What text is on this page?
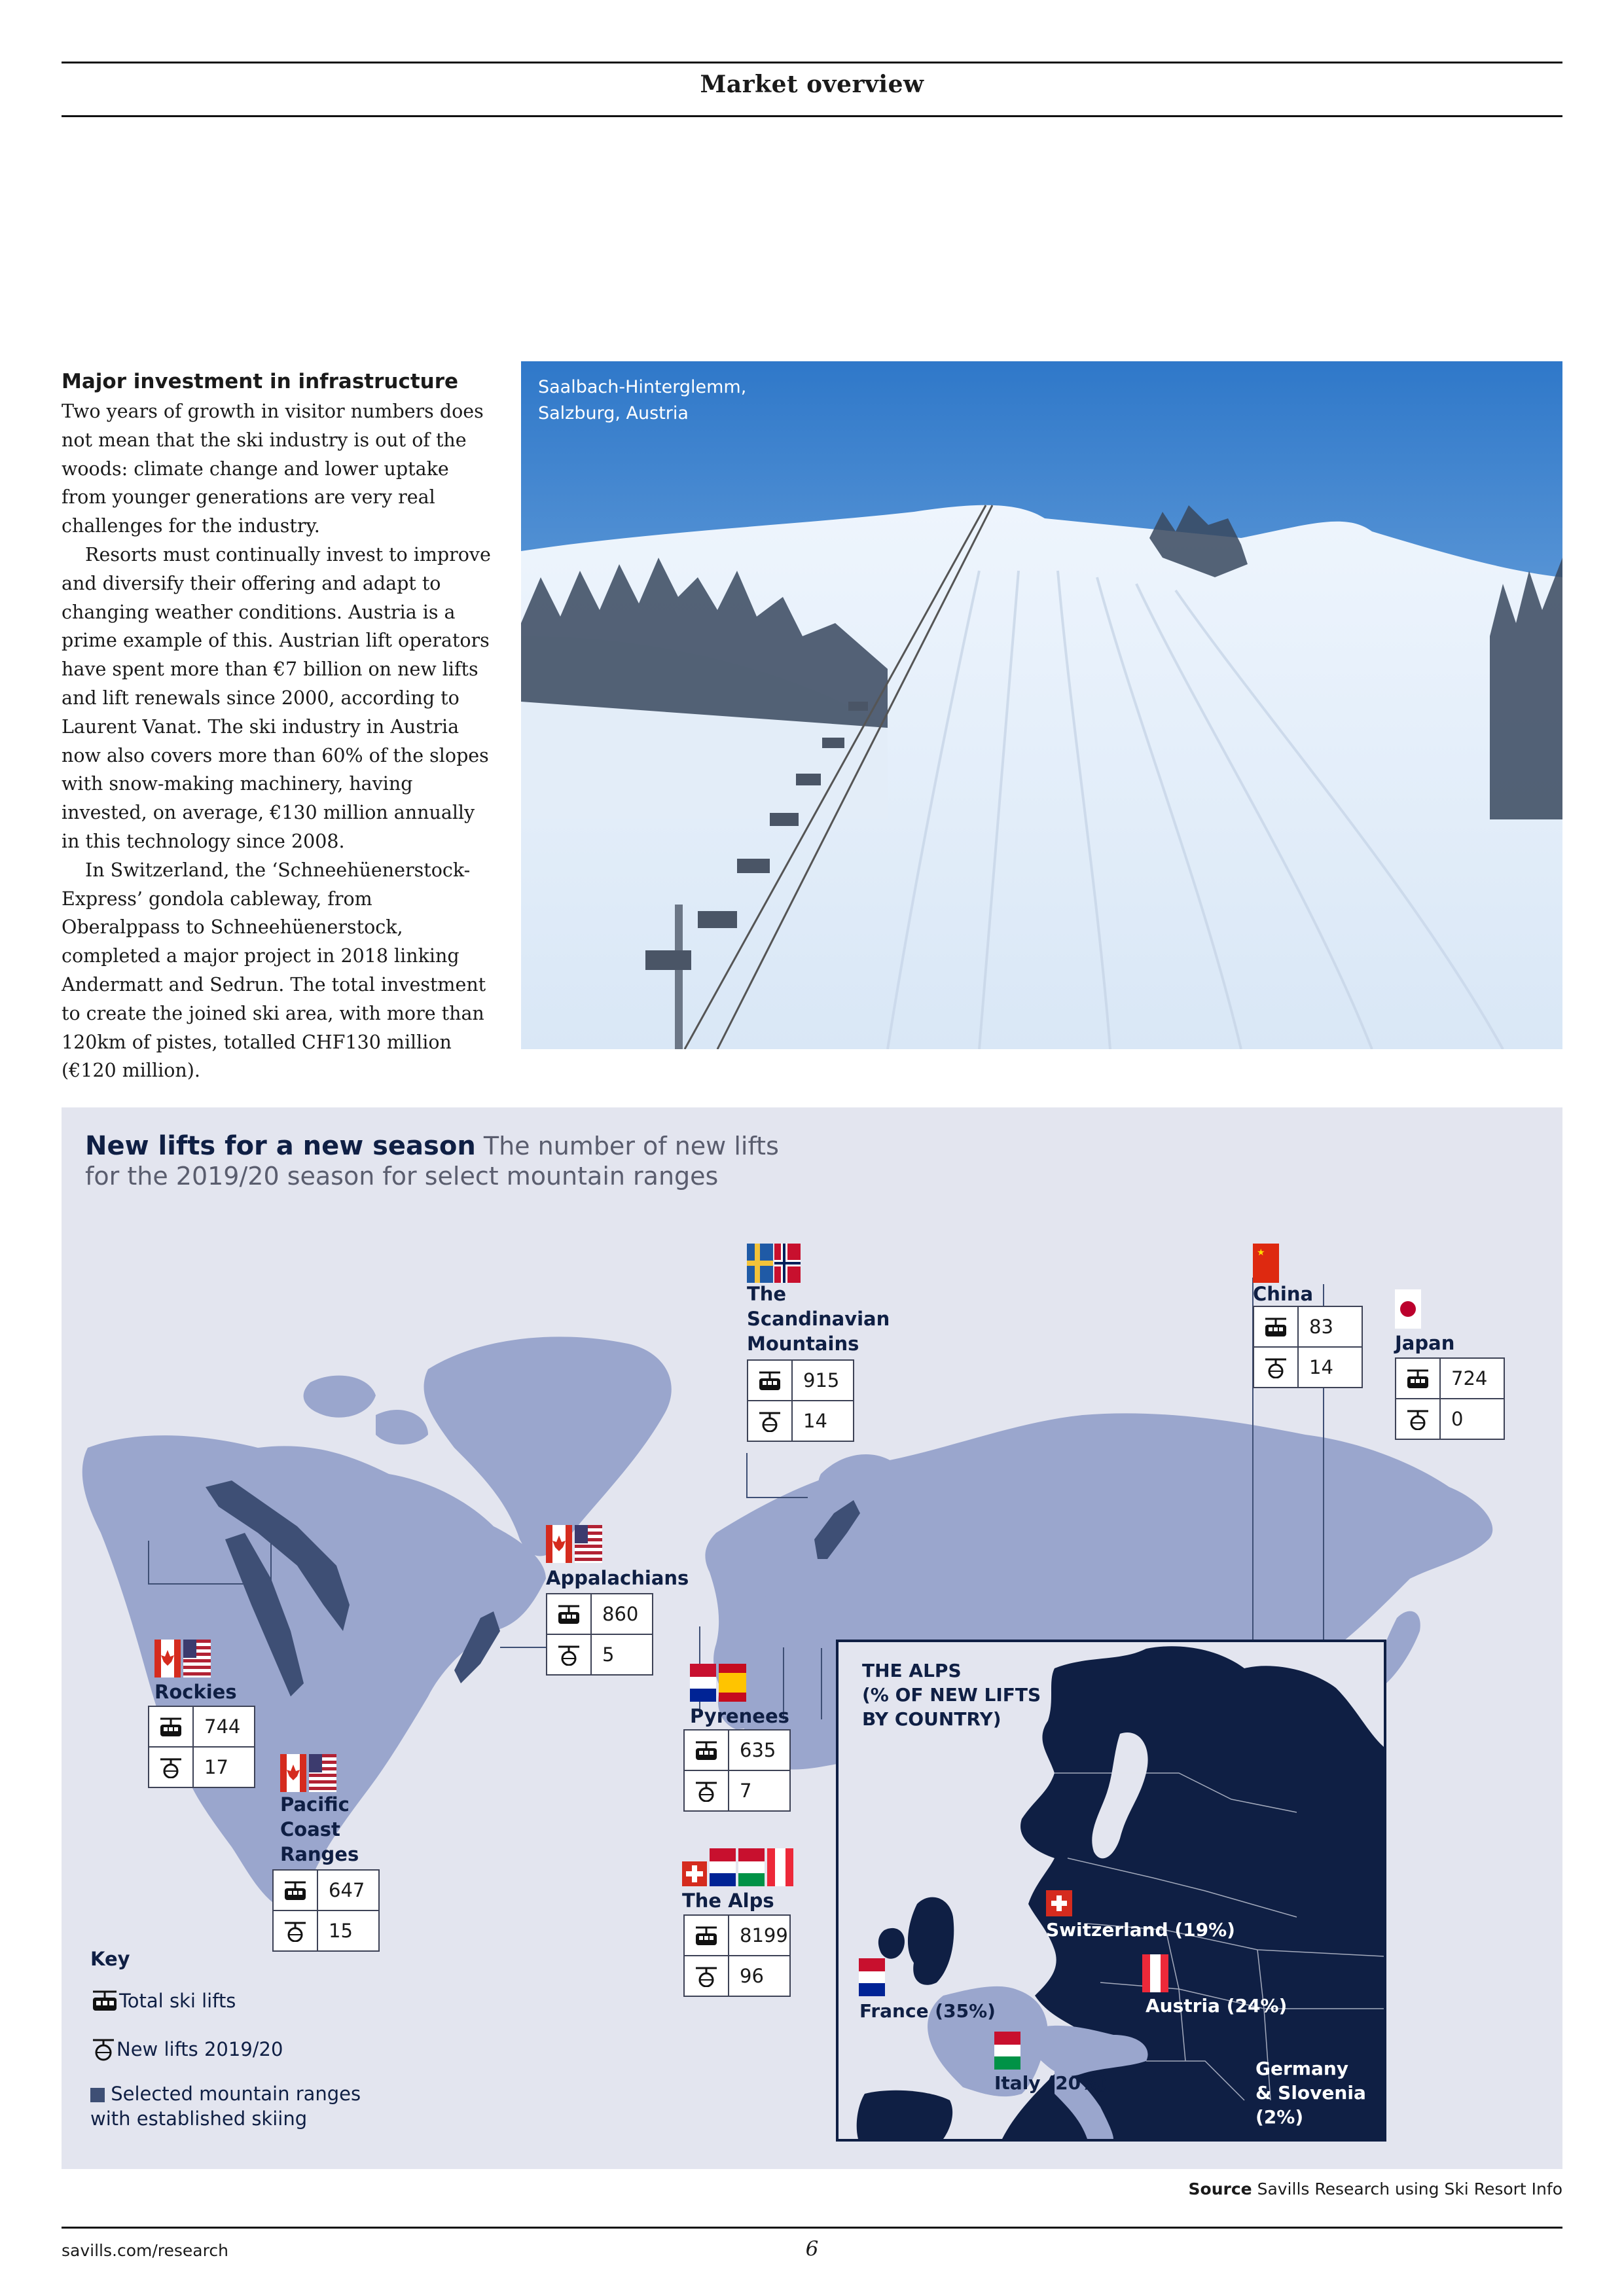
Market overview
Major investment in infrastructure

Two years of growth in visitor numbers does not mean that the ski industry is out of the woods: climate change and lower uptake from younger generations are very real challenges for the industry.

Resorts must continually invest to improve and diversify their offering and adapt to changing weather conditions. Austria is a prime example of this. Austrian lift operators have spent more than €7 billion on new lifts and lift renewals since 2000, according to Laurent Vanat. The ski industry in Austria now also covers more than 60% of the slopes with snow-making machinery, having invested, on average, €130 million annually in this technology since 2008.

In Switzerland, the ‘Schneehüenerstock-Express’ gondola cableway, from Oberalppass to Schneehüenerstock, completed a major project in 2018 linking Andermatt and Sedrun. The total investment to create the joined ski area, with more than 120km of pistes, totalled CHF130 million (€120 million).

Saalbach-Hinterglemm,
Salzburg, Austria
New lifts for a new season The number of new lifts
for the 2019/20 season for select mountain ranges
The
Scandinavian
Mountains
915
14
★
China
83
14
Japan
724
0
Appalachians
860
5
Rockies
744
17
Pacific
Coast
Ranges
647
15
Pyrenees
635
7
The Alps
8199
96
THE ALPS
(% OF NEW LIFTS
BY COUNTRY)
Switzerland (19%)
France (35%)	Austria (24%)
Italy (20%)
Germany
& Slovenia
(2%)
Key
Total ski lifts
New lifts 2019/20
Selected mountain ranges
with established skiing
Source Savills Research using Ski Resort Info
savills.com/research	6
